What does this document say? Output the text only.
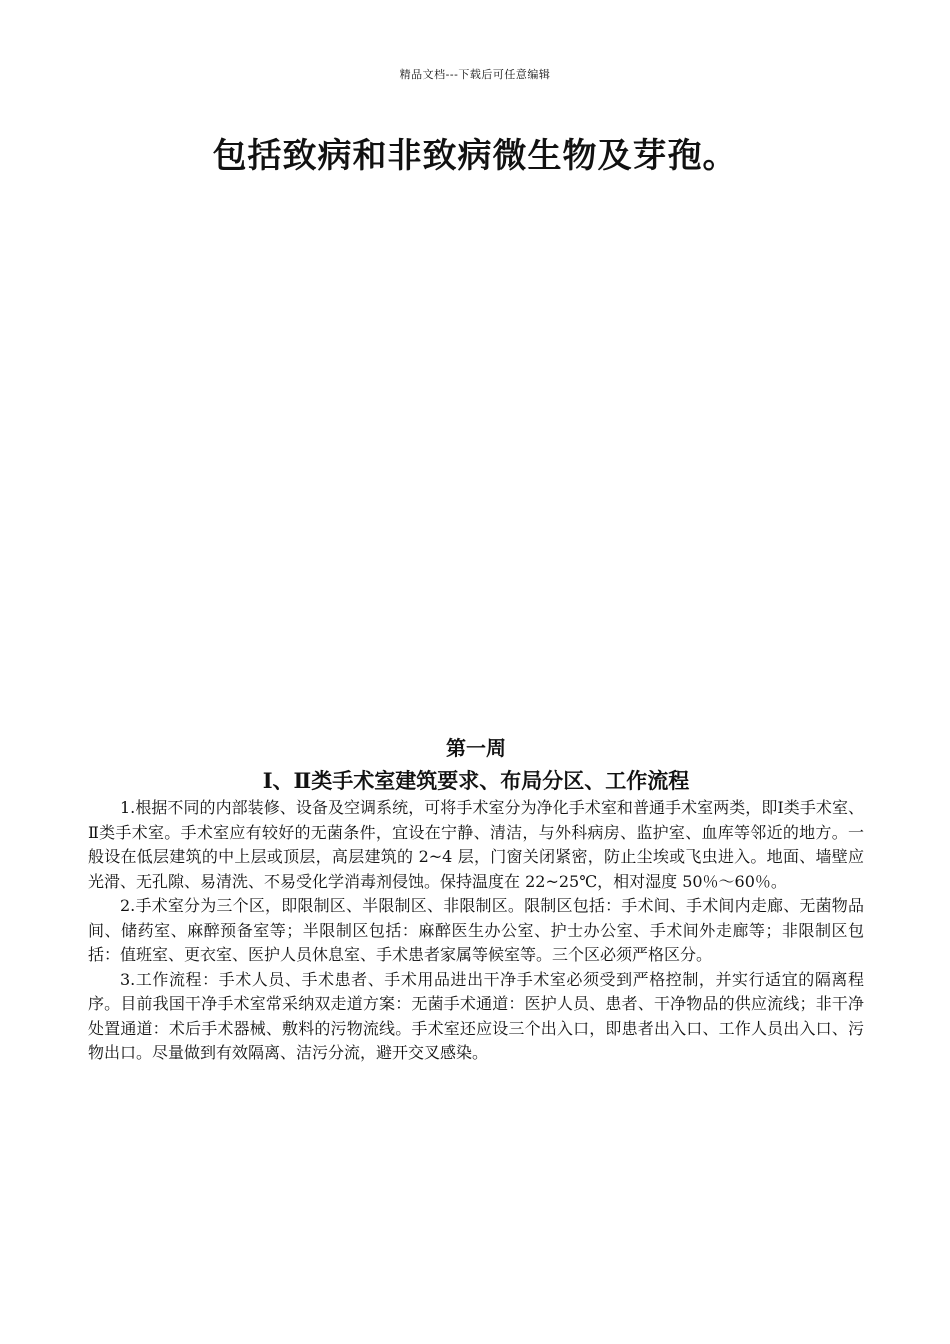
精品文档---下载后可任意编辑
包括致病和非致病微生物及芽孢。
第一周
Ⅰ、Ⅱ类手术室建筑要求、布局分区、工作流程

1.根据不同的内部装修、设备及空调系统，可将手术室分为净化手术室和普通手术室两类，即Ⅰ类手术室、Ⅱ类手术室。手术室应有较好的无菌条件，宜设在宁静、清洁，与外科病房、监护室、血库等邻近的地方。一般设在低层建筑的中上层或顶层，高层建筑的 2~4 层，门窗关闭紧密，防止尘埃或飞虫进入。地面、墙壁应光滑、无孔隙、易清洗、不易受化学消毒剂侵蚀。保持温度在 22~25℃，相对湿度 50％～60％。

2.手术室分为三个区，即限制区、半限制区、非限制区。限制区包括：手术间、手术间内走廊、无菌物品间、储药室、麻醉预备室等；半限制区包括：麻醉医生办公室、护士办公室、手术间外走廊等；非限制区包括：值班室、更衣室、医护人员休息室、手术患者家属等候室等。三个区必须严格区分。

3.工作流程：手术人员、手术患者、手术用品进出干净手术室必须受到严格控制，并实行适宜的隔离程序。目前我国干净手术室常采纳双走道方案：无菌手术通道：医护人员、患者、干净物品的供应流线；非干净处置通道：术后手术器械、敷料的污物流线。手术室还应设三个出入口，即患者出入口、工作人员出入口、污物出口。尽量做到有效隔离、洁污分流，避开交叉感染。
